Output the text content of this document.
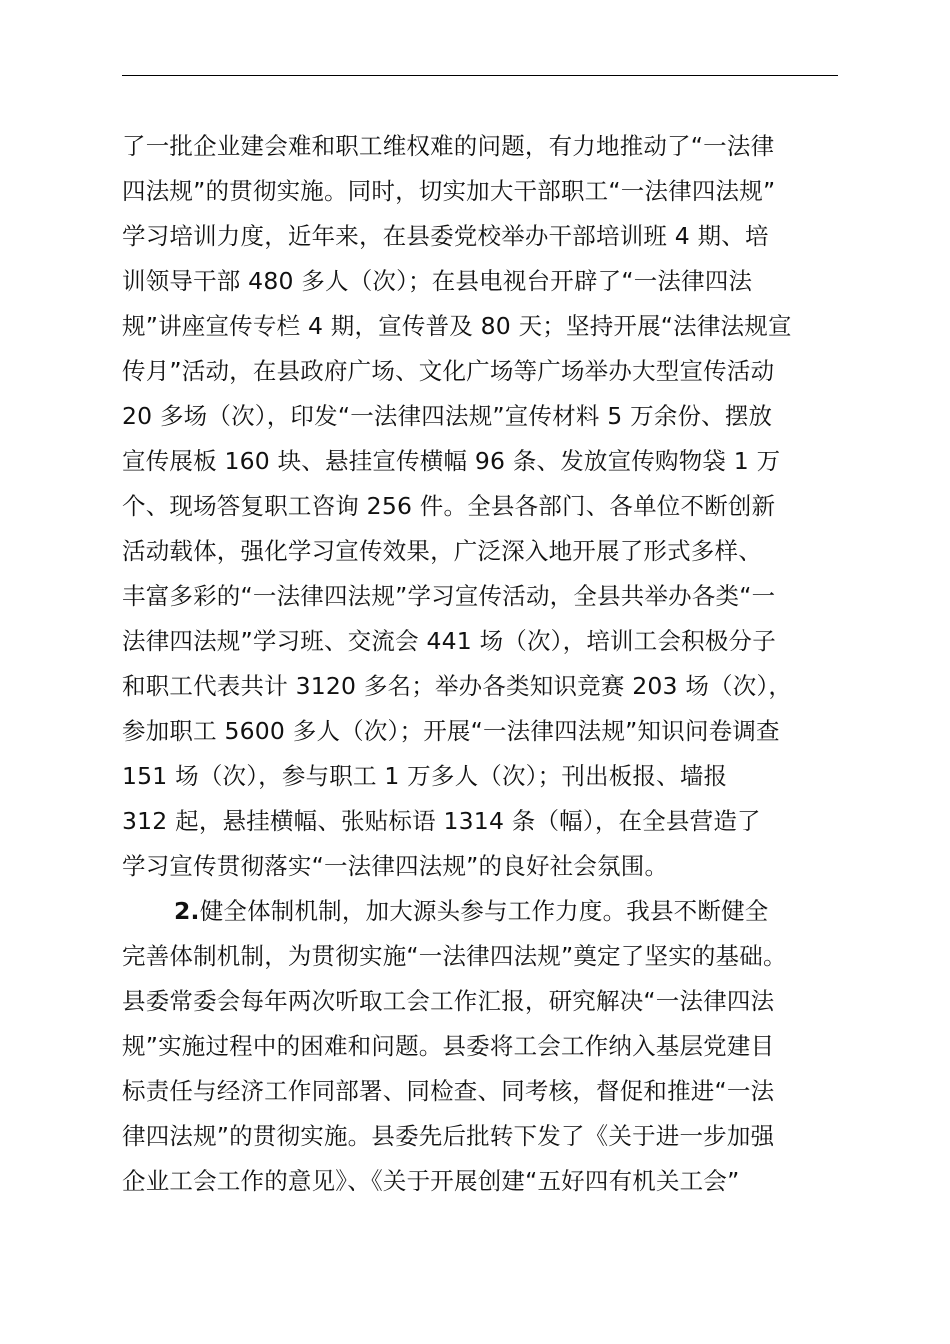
了一批企业建会难和职工维权难的问题，有力地推动了“一法律
四法规”的贯彻实施。同时，切实加大干部职工“一法律四法规”
学习培训力度，近年来，在县委党校举办干部培训班 4 期、培
训领导干部 480 多人（次）；在县电视台开辟了“一法律四法
规”讲座宣传专栏 4 期，宣传普及 80 天；坚持开展“法律法规宣
传月”活动，在县政府广场、文化广场等广场举办大型宣传活动
20 多场（次），印发“一法律四法规”宣传材料 5 万余份、摆放
宣传展板 160 块、悬挂宣传横幅 96 条、发放宣传购物袋 1 万
个、现场答复职工咨询 256 件。全县各部门、各单位不断创新
活动载体，强化学习宣传效果，广泛深入地开展了形式多样、
丰富多彩的“一法律四法规”学习宣传活动，全县共举办各类“一
法律四法规”学习班、交流会 441 场（次），培训工会积极分子
和职工代表共计 3120 多名；举办各类知识竞赛 203 场（次），
参加职工 5600 多人（次）；开展“一法律四法规”知识问卷调查
151 场（次），参与职工 1 万多人（次）；刊出板报、墙报
312 起，悬挂横幅、张贴标语 1314 条（幅），在全县营造了
学习宣传贯彻落实“一法律四法规”的良好社会氛围。
2.健全体制机制，加大源头参与工作力度。我县不断健全
完善体制机制，为贯彻实施“一法律四法规”奠定了坚实的基础。
县委常委会每年两次听取工会工作汇报，研究解决“一法律四法
规”实施过程中的困难和问题。县委将工会工作纳入基层党建目
标责任与经济工作同部署、同检查、同考核，督促和推进“一法
律四法规”的贯彻实施。县委先后批转下发了《关于进一步加强
企业工会工作的意见》、《关于开展创建“五好四有机关工会”
